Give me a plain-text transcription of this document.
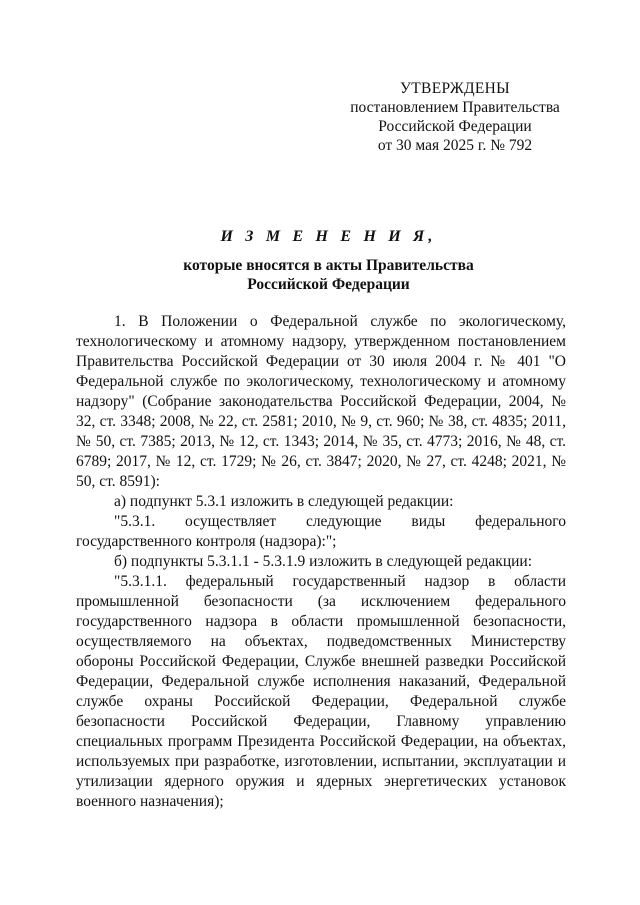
УТВЕРЖДЕНЫ
постановлением Правительства
Российской Федерации
от 30 мая 2025 г. № 792
И З М Е Н Е Н И Я,
которые вносятся в акты Правительства
Российской Федерации

1. В Положении о Федеральной службе по экологическому, технологическому и атомному надзору, утвержденном постановлением Правительства Российской Федерации от 30 июля 2004 г. № 401 "О Федеральной службе по экологическому, технологическому и атомному надзору" (Собрание законодательства Российской Федерации, 2004, № 32, ст. 3348; 2008, № 22, ст. 2581; 2010, № 9, ст. 960; № 38, ст. 4835; 2011, № 50, ст. 7385; 2013, № 12, ст. 1343; 2014, № 35, ст. 4773; 2016, № 48, ст. 6789; 2017, № 12, ст. 1729; № 26, ст. 3847; 2020, № 27, ст. 4248; 2021, № 50, ст. 8591):

а) подпункт 5.3.1 изложить в следующей редакции:

"5.3.1. осуществляет следующие виды федерального государственного контроля (надзора):";

б) подпункты 5.3.1.1 - 5.3.1.9 изложить в следующей редакции:

"5.3.1.1. федеральный государственный надзор в области промышленной безопасности (за исключением федерального государственного надзора в области промышленной безопасности, осуществляемого на объектах, подведомственных Министерству обороны Российской Федерации, Службе внешней разведки Российской Федерации, Федеральной службе исполнения наказаний, Федеральной службе охраны Российской Федерации, Федеральной службе безопасности Российской Федерации, Главному управлению специальных программ Президента Российской Федерации, на объектах, используемых при разработке, изготовлении, испытании, эксплуатации и утилизации ядерного оружия и ядерных энергетических установок военного назначения);
